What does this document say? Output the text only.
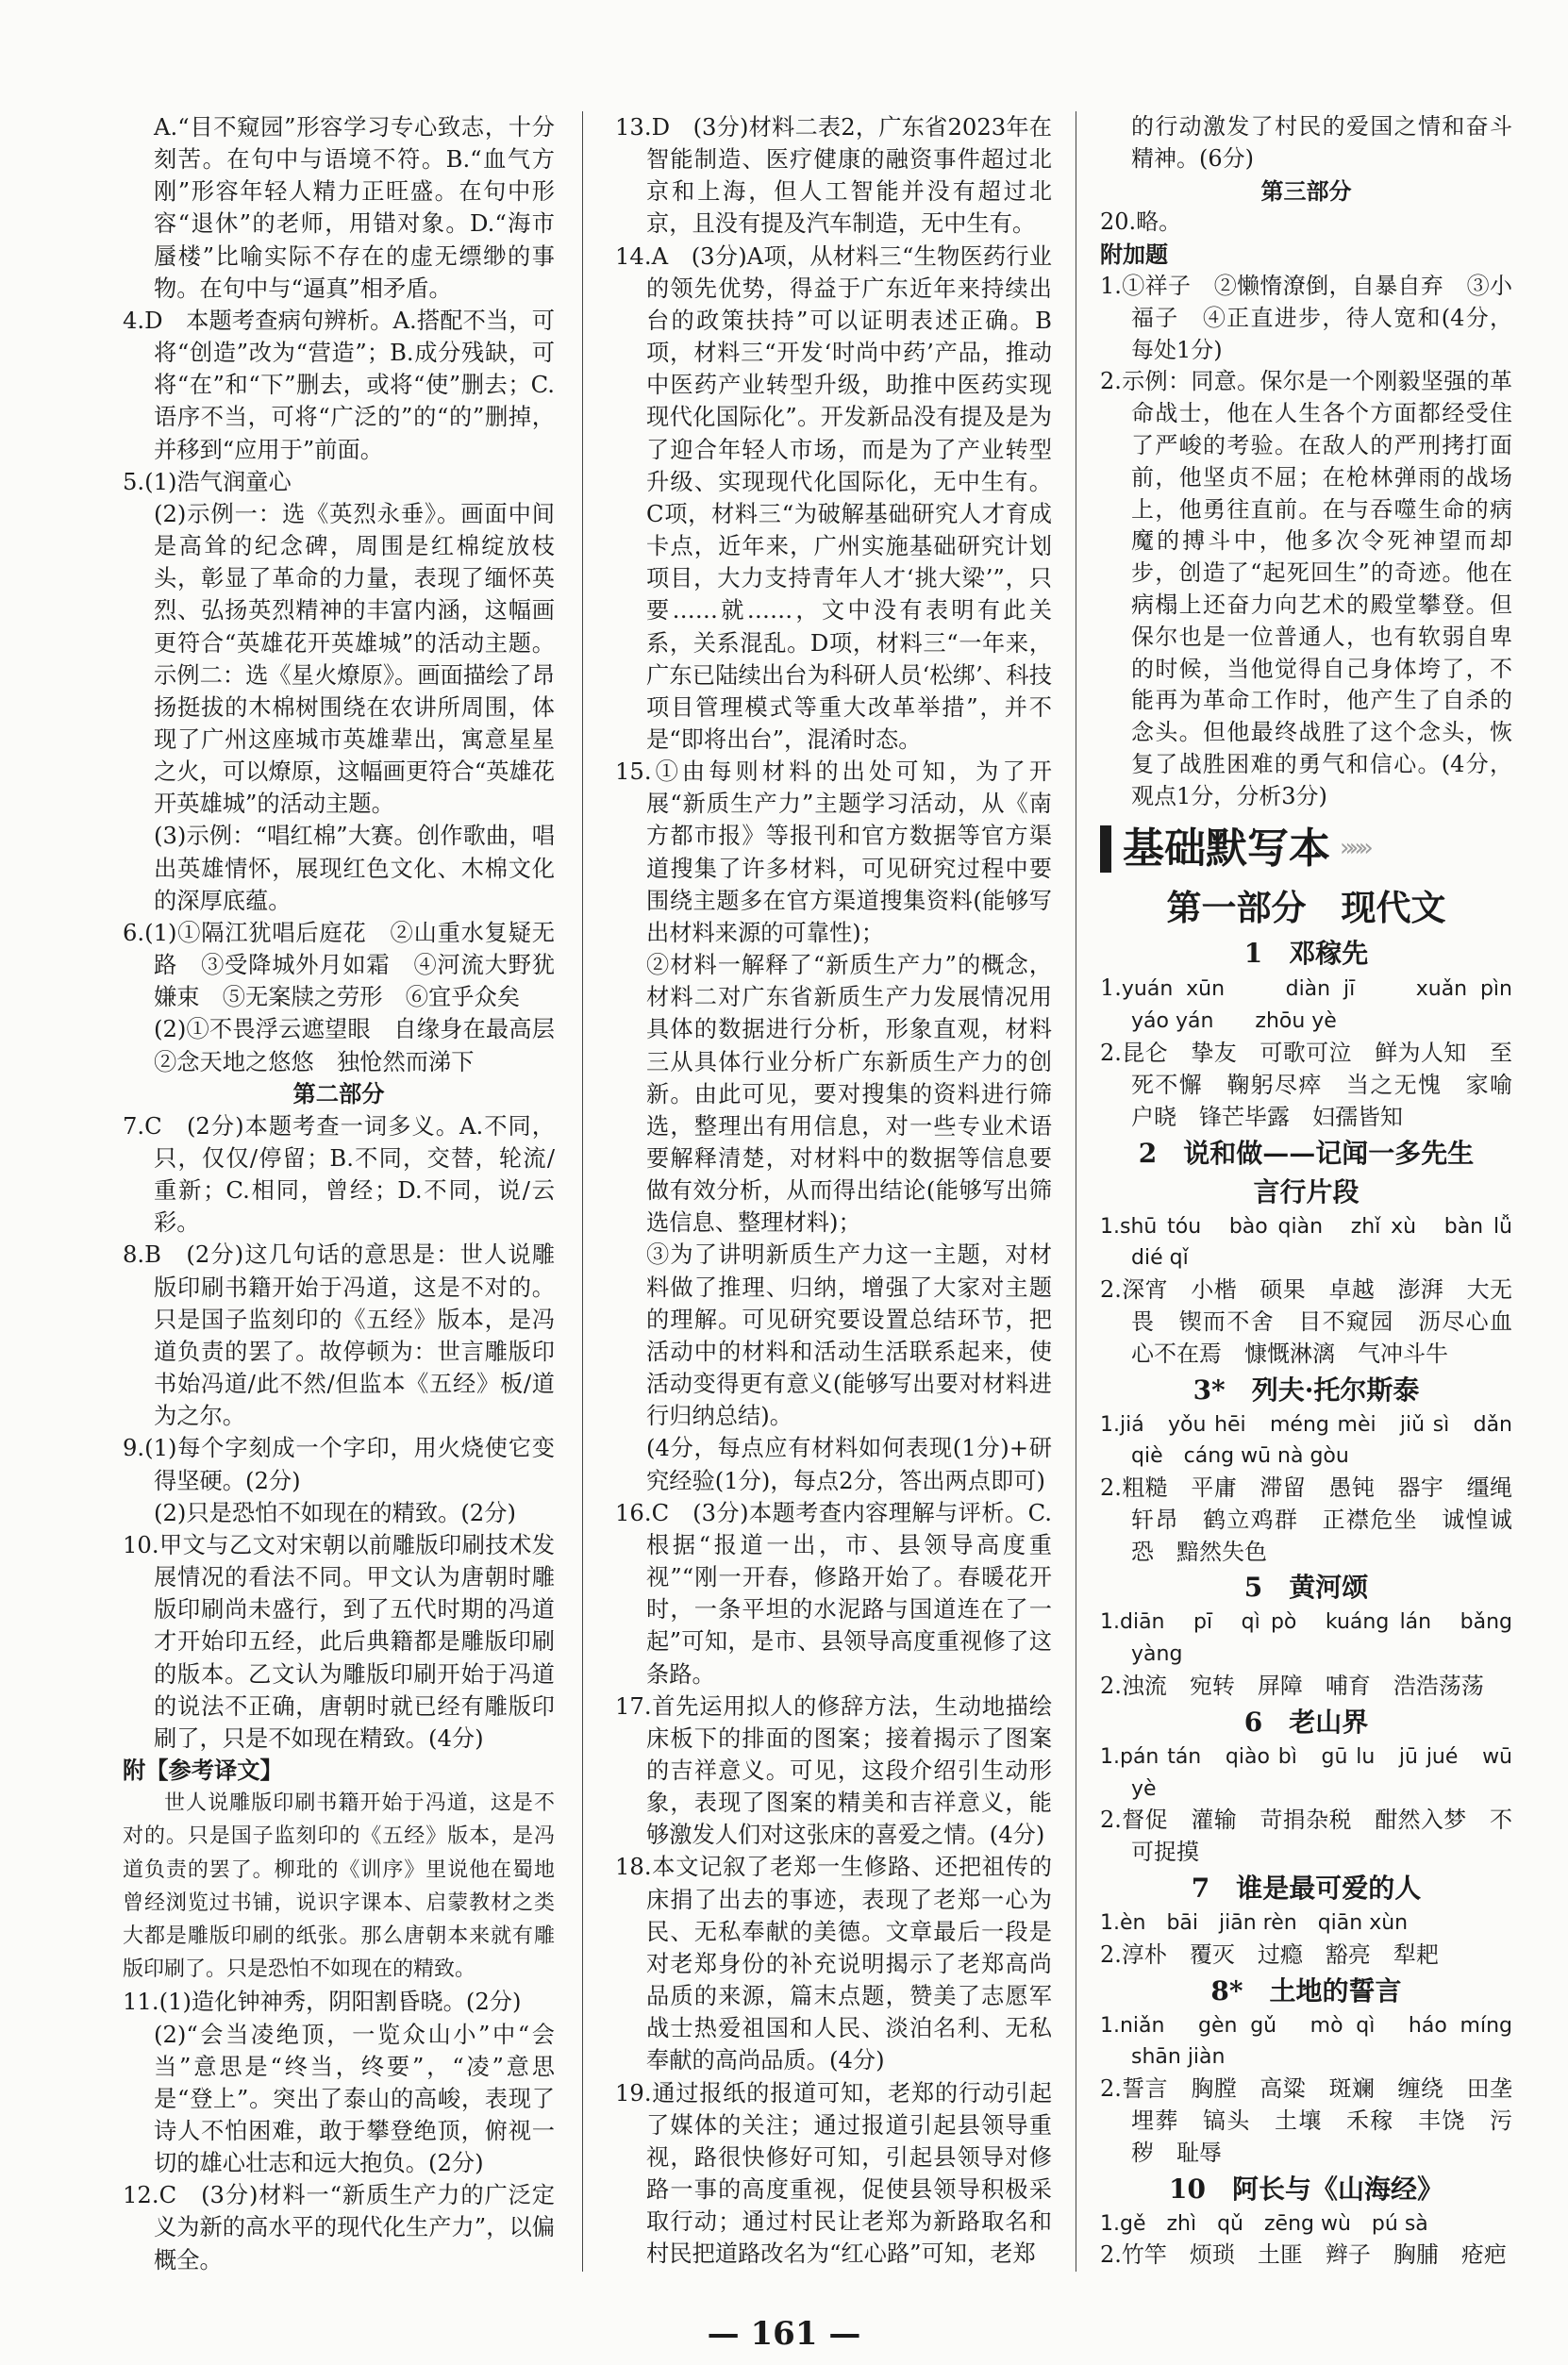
A.“目不窥园”形容学习专心致志，十分刻苦。在句中与语境不符。B.“血气方刚”形容年轻人精力正旺盛。在句中形容“退休”的老师，用错对象。D.“海市蜃楼”比喻实际不存在的虚无缥缈的事物。在句中与“逼真”相矛盾。

4.D　本题考查病句辨析。A.搭配不当，可将“创造”改为“营造”；B.成分残缺，可将“在”和“下”删去，或将“使”删去；C.语序不当，可将“广泛的”的“的”删掉，并移到“应用于”前面。

5.(1)浩气润童心

(2)示例一：选《英烈永垂》。画面中间是高耸的纪念碑，周围是红棉绽放枝头，彰显了革命的力量，表现了缅怀英烈、弘扬英烈精神的丰富内涵，这幅画更符合“英雄花开英雄城”的活动主题。示例二：选《星火燎原》。画面描绘了昂扬挺拔的木棉树围绕在农讲所周围，体现了广州这座城市英雄辈出，寓意星星之火，可以燎原，这幅画更符合“英雄花开英雄城”的活动主题。

(3)示例：“唱红棉”大赛。创作歌曲，唱出英雄情怀，展现红色文化、木棉文化的深厚底蕴。

6.(1)①隔江犹唱后庭花　②山重水复疑无路　③受降城外月如霜　④河流大野犹嫌束　⑤无案牍之劳形　⑥宜乎众矣

(2)①不畏浮云遮望眼　自缘身在最高层　②念天地之悠悠　独怆然而涕下

第二部分

7.C　(2分)本题考查一词多义。A.不同，只，仅仅/停留；B.不同，交替，轮流/重新；C.相同，曾经；D.不同，说/云彩。

8.B　(2分)这几句话的意思是：世人说雕版印刷书籍开始于冯道，这是不对的。只是国子监刻印的《五经》版本，是冯道负责的罢了。故停顿为：世言雕版印书始冯道/此不然/但监本《五经》板/道为之尔。

9.(1)每个字刻成一个字印，用火烧使它变得坚硬。(2分)

(2)只是恐怕不如现在的精致。(2分)

10.甲文与乙文对宋朝以前雕版印刷技术发展情况的看法不同。甲文认为唐朝时雕版印刷尚未盛行，到了五代时期的冯道才开始印五经，此后典籍都是雕版印刷的版本。乙文认为雕版印刷开始于冯道的说法不正确，唐朝时就已经有雕版印刷了，只是不如现在精致。(4分)

附【参考译文】

世人说雕版印刷书籍开始于冯道，这是不对的。只是国子监刻印的《五经》版本，是冯道负责的罢了。柳玭的《训序》里说他在蜀地曾经浏览过书铺，说识字课本、启蒙教材之类大都是雕版印刷的纸张。那么唐朝本来就有雕版印刷了。只是恐怕不如现在的精致。

11.(1)造化钟神秀，阴阳割昏晓。(2分)

(2)“会当凌绝顶，一览众山小”中“会当”意思是“终当，终要”，“凌”意思是“登上”。突出了泰山的高峻，表现了诗人不怕困难，敢于攀登绝顶，俯视一切的雄心壮志和远大抱负。(2分)

12.C　(3分)材料一“新质生产力的广泛定义为新的高水平的现代化生产力”，以偏概全。

13.D　(3分)材料二表2，广东省2023年在智能制造、医疗健康的融资事件超过北京和上海，但人工智能并没有超过北京，且没有提及汽车制造，无中生有。

14.A　(3分)A项，从材料三“生物医药行业的领先优势，得益于广东近年来持续出台的政策扶持”可以证明表述正确。B项，材料三“开发‘时尚中药’产品，推动中医药产业转型升级，助推中医药实现现代化国际化”。开发新品没有提及是为了迎合年轻人市场，而是为了产业转型升级、实现现代化国际化，无中生有。C项，材料三“为破解基础研究人才育成卡点，近年来，广州实施基础研究计划项目，大力支持青年人才‘挑大梁’”，只要……就……，文中没有表明有此关系，关系混乱。D项，材料三“一年来，广东已陆续出台为科研人员‘松绑’、科技项目管理模式等重大改革举措”，并不是“即将出台”，混淆时态。

15.①由每则材料的出处可知，为了开展“新质生产力”主题学习活动，从《南方都市报》等报刊和官方数据等官方渠道搜集了许多材料，可见研究过程中要围绕主题多在官方渠道搜集资料(能够写出材料来源的可靠性)；

②材料一解释了“新质生产力”的概念，材料二对广东省新质生产力发展情况用具体的数据进行分析，形象直观，材料三从具体行业分析广东新质生产力的创新。由此可见，要对搜集的资料进行筛选，整理出有用信息，对一些专业术语要解释清楚，对材料中的数据等信息要做有效分析，从而得出结论(能够写出筛选信息、整理材料)；

③为了讲明新质生产力这一主题，对材料做了推理、归纳，增强了大家对主题的理解。可见研究要设置总结环节，把活动中的材料和活动生活联系起来，使活动变得更有意义(能够写出要对材料进行归纳总结)。

(4分，每点应有材料如何表现(1分)+研究经验(1分)，每点2分，答出两点即可)

16.C　(3分)本题考查内容理解与评析。C.根据“报道一出，市、县领导高度重视”“刚一开春，修路开始了。春暖花开时，一条平坦的水泥路与国道连在了一起”可知，是市、县领导高度重视修了这条路。

17.首先运用拟人的修辞方法，生动地描绘床板下的排面的图案；接着揭示了图案的吉祥意义。可见，这段介绍引生动形象，表现了图案的精美和吉祥意义，能够激发人们对这张床的喜爱之情。(4分)

18.本文记叙了老郑一生修路、还把祖传的床捐了出去的事迹，表现了老郑一心为民、无私奉献的美德。文章最后一段是对老郑身份的补充说明揭示了老郑高尚品质的来源，篇末点题，赞美了志愿军战士热爱祖国和人民、淡泊名利、无私奉献的高尚品质。(4分)

19.通过报纸的报道可知，老郑的行动引起了媒体的关注；通过报道引起县领导重视，路很快修好可知，引起县领导对修路一事的高度重视，促使县领导积极采取行动；通过村民让老郑为新路取名和村民把道路改名为“红心路”可知，老郑

的行动激发了村民的爱国之情和奋斗精神。(6分)

第三部分

20.略。

附加题

1.①祥子　②懒惰潦倒，自暴自弃　③小福子　④正直进步，待人宽和(4分，每处1分)

2.示例：同意。保尔是一个刚毅坚强的革命战士，他在人生各个方面都经受住了严峻的考验。在敌人的严刑拷打面前，他坚贞不屈；在枪林弹雨的战场上，他勇往直前。在与吞噬生命的病魔的搏斗中，他多次令死神望而却步，创造了“起死回生”的奇迹。他在病榻上还奋力向艺术的殿堂攀登。但保尔也是一位普通人，也有软弱自卑的时候，当他觉得自己身体垮了，不能再为革命工作时，他产生了自杀的念头。但他最终战胜了这个念头，恢复了战胜困难的勇气和信心。(4分，观点1分，分析3分)

基础默写本 »»»

第一部分　现代文

1　邓稼先

1.yuán xūn　　diàn jī　　xuǎn pìn　yáo yán　　zhōu yè

2.昆仑　挚友　可歌可泣　鲜为人知　至死不懈　鞠躬尽瘁　当之无愧　家喻户晓　锋芒毕露　妇孺皆知

2　说和做——记闻一多先生

言行片段

1.shū tóu　bào qiàn　zhǐ xù　bàn lǚ　dié qǐ

2.深宵　小楷　硕果　卓越　澎湃　大无畏　锲而不舍　目不窥园　沥尽心血　心不在焉　慷慨淋漓　气冲斗牛

3*　列夫·托尔斯泰

1.jiá　yǒu hēi　méng mèi　jiǔ sì　dǎn qiè　cáng wū nà gòu

2.粗糙　平庸　滞留　愚钝　器宇　缰绳　轩昂　鹤立鸡群　正襟危坐　诚惶诚恐　黯然失色

5　黄河颂

1.diān　pī　qì pò　kuáng lán　bǎng yàng

2.浊流　宛转　屏障　哺育　浩浩荡荡

6　老山界

1.pán tán　qiào bì　gū lu　jū jué　wū yè

2.督促　灌输　苛捐杂税　酣然入梦　不可捉摸

7　谁是最可爱的人

1.èn　bāi　jiān rèn　qiān xùn

2.淳朴　覆灭　过瘾　豁亮　犁耙

8*　土地的誓言

1.niǎn　gèn gǔ　mò qì　háo míng　shān jiàn

2.誓言　胸膛　高粱　斑斓　缠绕　田垄　埋葬　镐头　土壤　禾稼　丰饶　污秽　耻辱

10　阿长与《山海经》

1.gě　zhì　qǔ　zēng wù　pú sà

2.竹竿　烦琐　土匪　辫子　胸脯　疮疤

— 161 —
